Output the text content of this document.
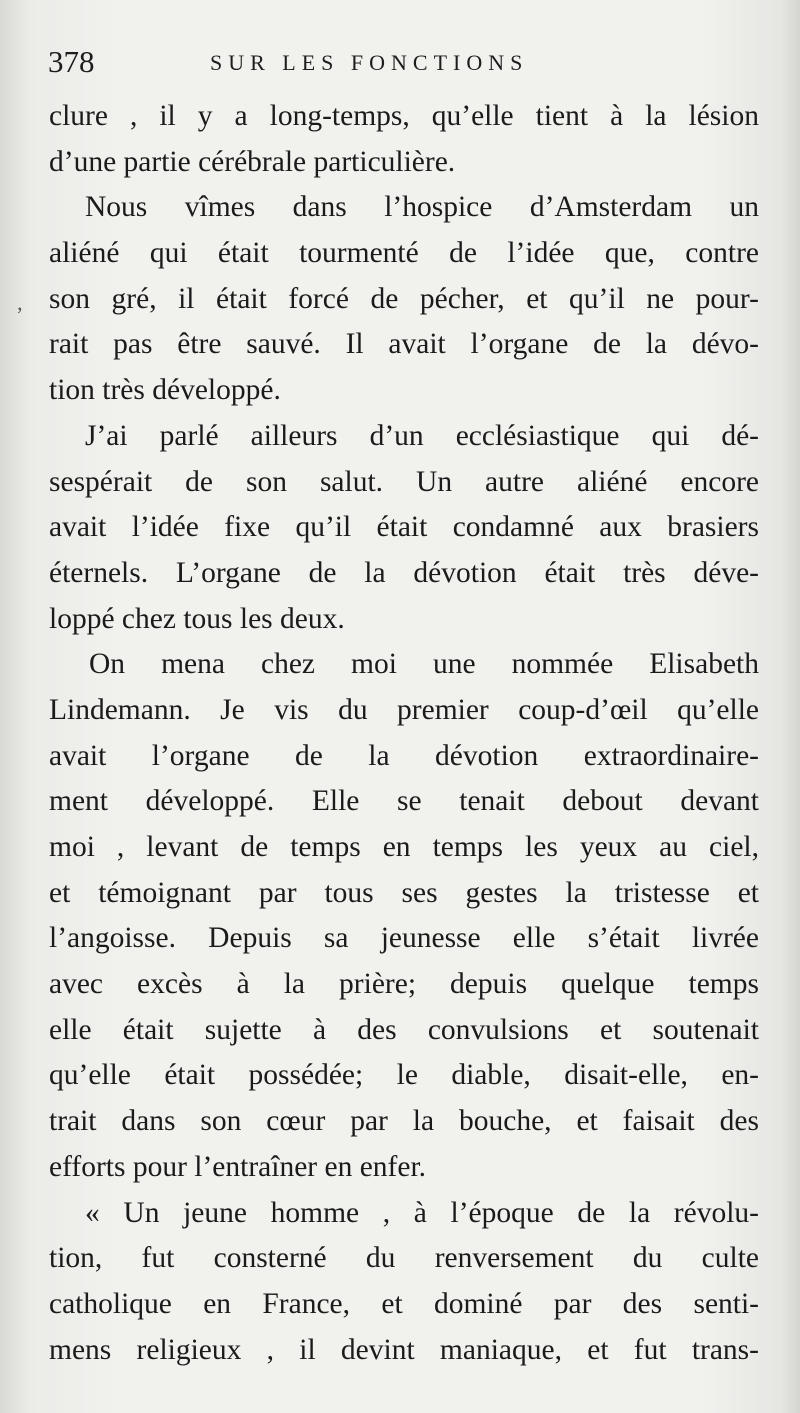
378	SUR LES FONCTIONS
‚
clure , il y a long-temps, qu’elle tient à la lésion
d’une partie cérébrale particulière.
Nous vîmes dans l’hospice d’Amsterdam un
aliéné qui était tourmenté de l’idée que, contre
son gré, il était forcé de pécher, et qu’il ne pour-
rait pas être sauvé. Il avait l’organe de la dévo-
tion très développé.
J’ai parlé ailleurs d’un ecclésiastique qui dé-
sespérait de son salut. Un autre aliéné encore
avait l’idée fixe qu’il était condamné aux brasiers
éternels. L’organe de la dévotion était très déve-
loppé chez tous les deux.
On mena chez moi une nommée Elisabeth
Lindemann. Je vis du premier coup-d’œil qu’elle
avait l’organe de la dévotion extraordinaire-
ment développé. Elle se tenait debout devant
moi , levant de temps en temps les yeux au ciel,
et témoignant par tous ses gestes la tristesse et
l’angoisse. Depuis sa jeunesse elle s’était livrée
avec excès à la prière; depuis quelque temps
elle était sujette à des convulsions et soutenait
qu’elle était possédée; le diable, disait-elle, en-
trait dans son cœur par la bouche, et faisait des
efforts pour l’entraîner en enfer.
« Un jeune homme , à l’époque de la révolu-
tion, fut consterné du renversement du culte
catholique en France, et dominé par des senti-
mens religieux , il devint maniaque, et fut trans-
